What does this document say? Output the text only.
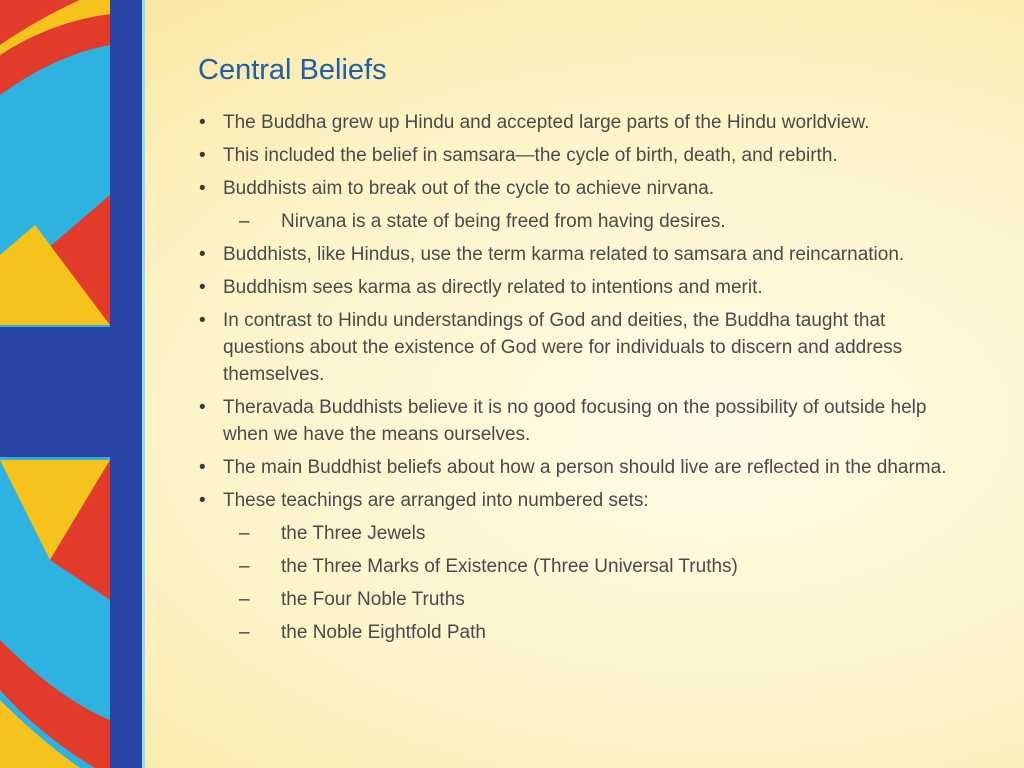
Central Beliefs
• The Buddha grew up Hindu and accepted large parts of the Hindu worldview.
• This included the belief in samsara—the cycle of birth, death, and rebirth.
• Buddhists aim to break out of the cycle to achieve nirvana.
–	Nirvana is a state of being freed from having desires.
• Buddhists, like Hindus, use the term karma related to samsara and reincarnation.
• Buddhism sees karma as directly related to intentions and merit.
• In contrast to Hindu understandings of God and deities, the Buddha taught that questions about the existence of God were for individuals to discern and address themselves.
• Theravada Buddhists believe it is no good focusing on the possibility of outside help when we have the means ourselves.
• The main Buddhist beliefs about how a person should live are reflected in the dharma.
• These teachings are arranged into numbered sets:
–	the Three Jewels
–	the Three Marks of Existence (Three Universal Truths)
–	the Four Noble Truths
–	the Noble Eightfold Path
